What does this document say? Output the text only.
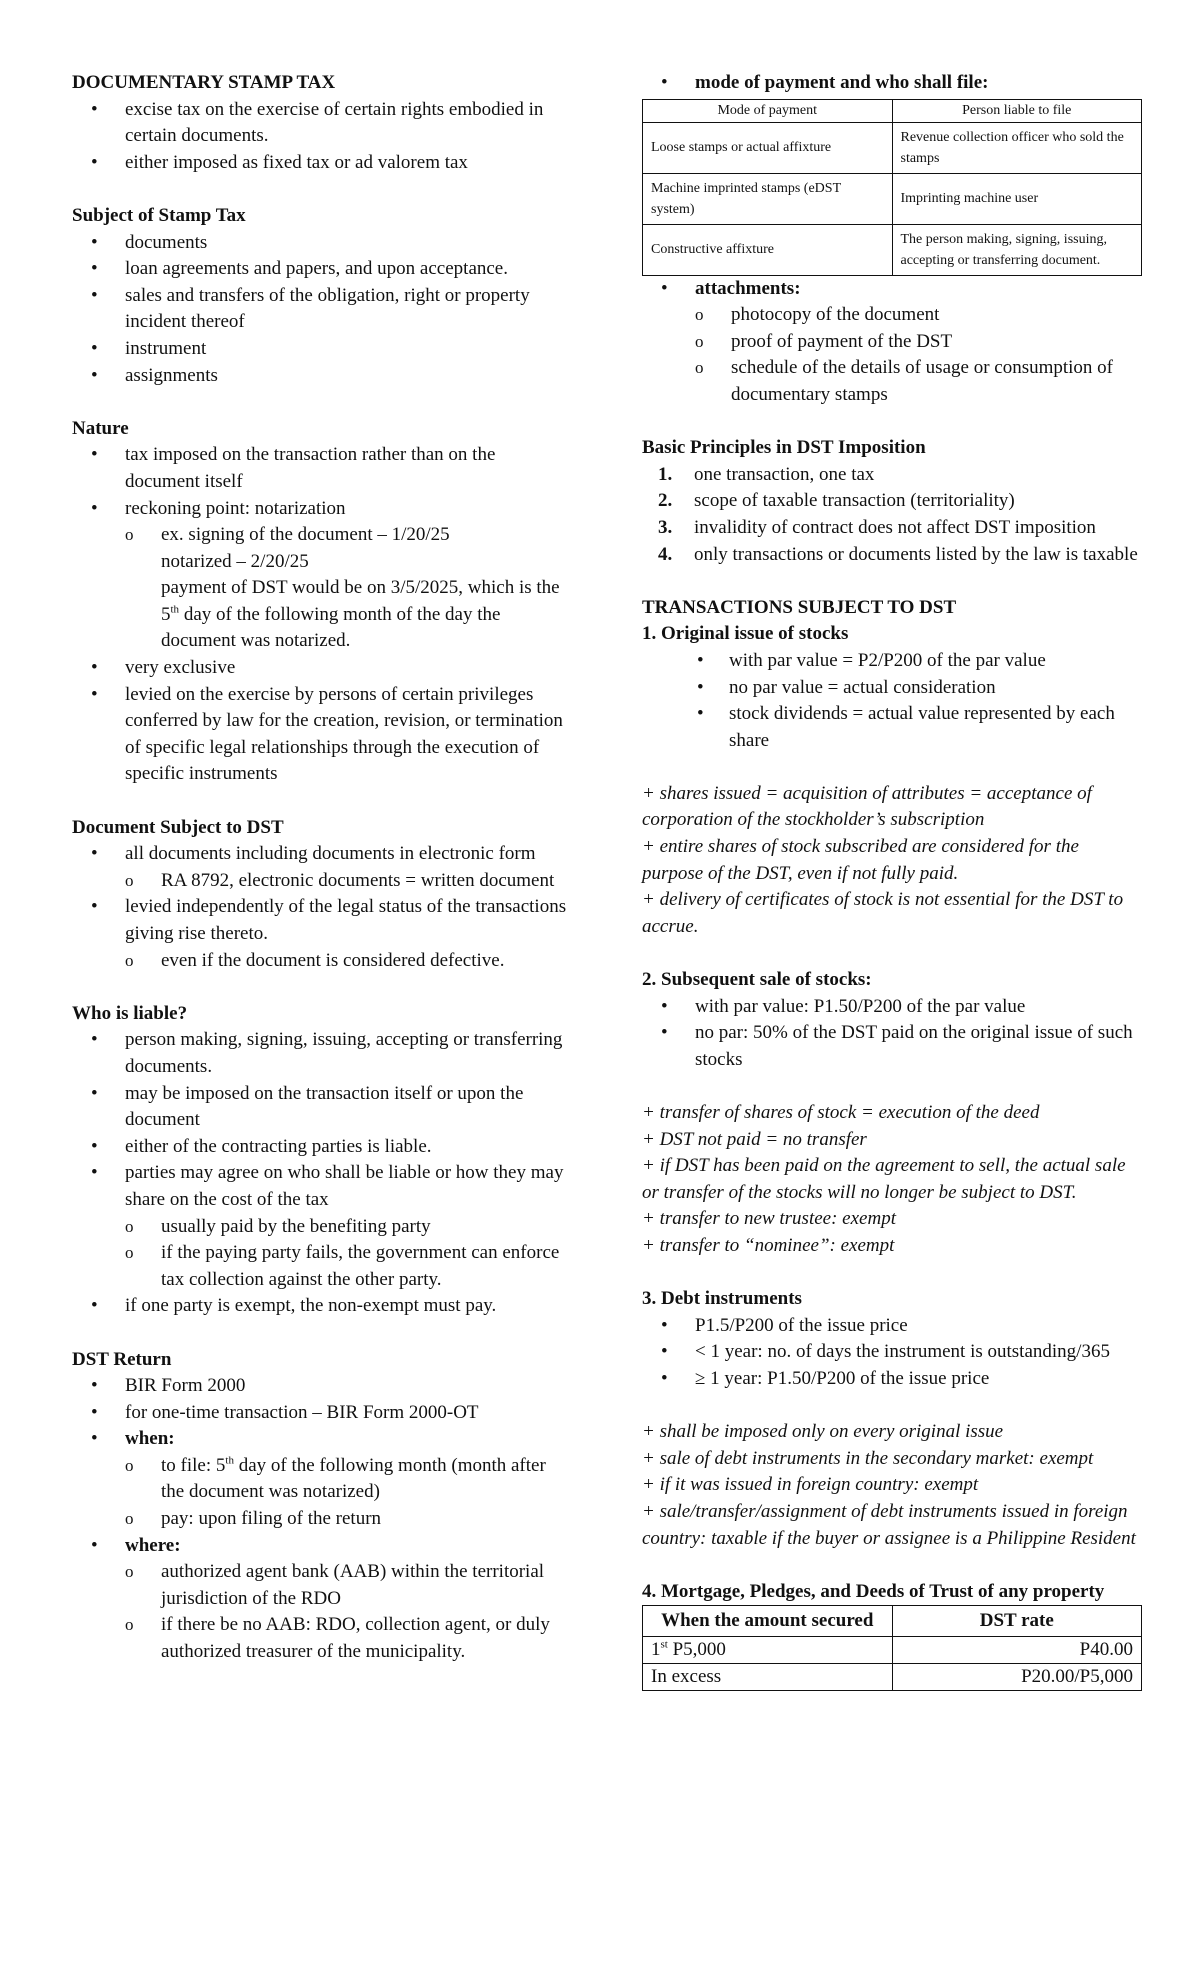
DOCUMENTARY STAMP TAX

• excise tax on the exercise of certain rights embodied in certain documents.
• either imposed as fixed tax or ad valorem tax

Subject of Stamp Tax

• documents
• loan agreements and papers, and upon acceptance.
• sales and transfers of the obligation, right or property incident thereof
• instrument
• assignments

Nature

• tax imposed on the transaction rather than on the document itself
• reckoning point: notarization
o ex. signing of the document – 1/20/25

notarized – 2/20/25

payment of DST would be on 3/5/2025, which is the 5th day of the following month of the day the document was notarized.

• very exclusive
• levied on the exercise by persons of certain privileges conferred by law for the creation, revision, or termination of specific legal relationships through the execution of specific instruments

Document Subject to DST

• all documents including documents in electronic form
o RA 8792, electronic documents = written document
• levied independently of the legal status of the transactions giving rise thereto.
o even if the document is considered defective.

Who is liable?

• person making, signing, issuing, accepting or transferring documents.
• may be imposed on the transaction itself or upon the document
• either of the contracting parties is liable.
• parties may agree on who shall be liable or how they may share on the cost of the tax
o usually paid by the benefiting party
o if the paying party fails, the government can enforce tax collection against the other party.
• if one party is exempt, the non-exempt must pay.

DST Return

• BIR Form 2000
• for one-time transaction – BIR Form 2000-OT
• when:
o to file: 5th day of the following month (month after the document was notarized)
o pay: upon filing of the return
• where:
o authorized agent bank (AAB) within the territorial jurisdiction of the RDO
o if there be no AAB: RDO, collection agent, or duly authorized treasurer of the municipality.
• mode of payment and who shall file:
Mode of payment	Person liable to file
Loose stamps or actual affixture	Revenue collection officer who sold the stamps
Machine imprinted stamps (eDST system)	Imprinting machine user
Constructive affixture	The person making, signing, issuing, accepting or transferring document.
• attachments:
o photocopy of the document
o proof of payment of the DST
o schedule of the details of usage or consumption of documentary stamps

Basic Principles in DST Imposition

1. one transaction, one tax
2. scope of taxable transaction (territoriality)
3. invalidity of contract does not affect DST imposition
4. only transactions or documents listed by the law is taxable

TRANSACTIONS SUBJECT TO DST

1. Original issue of stocks

• with par value = P2/P200 of the par value
• no par value = actual consideration
• stock dividends = actual value represented by each share

+ shares issued = acquisition of attributes = acceptance of corporation of the stockholder’s subscription

+ entire shares of stock subscribed are considered for the purpose of the DST, even if not fully paid.

+ delivery of certificates of stock is not essential for the DST to accrue.

2. Subsequent sale of stocks:

• with par value: P1.50/P200 of the par value
• no par: 50% of the DST paid on the original issue of such stocks

+ transfer of shares of stock = execution of the deed

+ DST not paid = no transfer

+ if DST has been paid on the agreement to sell, the actual sale or transfer of the stocks will no longer be subject to DST.

+ transfer to new trustee: exempt

+ transfer to “nominee”: exempt

3. Debt instruments

• P1.5/P200 of the issue price
• < 1 year: no. of days the instrument is outstanding/365
• ≥ 1 year: P1.50/P200 of the issue price

+ shall be imposed only on every original issue

+ sale of debt instruments in the secondary market: exempt

+ if it was issued in foreign country: exempt

+ sale/transfer/assignment of debt instruments issued in foreign country: taxable if the buyer or assignee is a Philippine Resident

4. Mortgage, Pledges, and Deeds of Trust of any property

When the amount secured	DST rate
1st P5,000	P40.00
In excess	P20.00/P5,000
